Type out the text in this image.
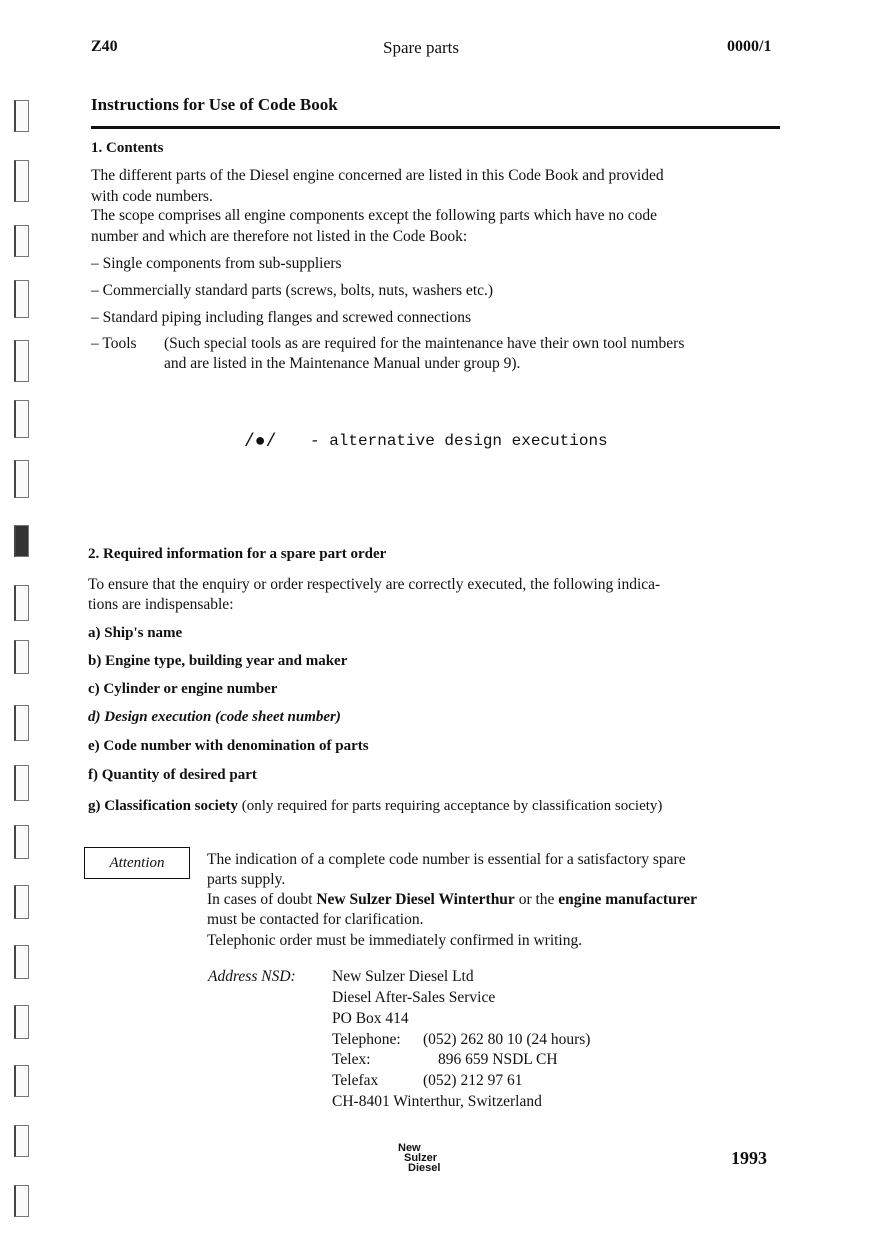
Z40	Spare parts	0000/1
Instructions for Use of Code Book
1. Contents
The different parts of the Diesel engine concerned are listed in this Code Book and provided
with code numbers.
The scope comprises all engine components except the following parts which have no code
number and which are therefore not listed in the Code Book:
– Single components from sub-suppliers
– Commercially standard parts (screws, bolts, nuts, washers etc.)
– Standard piping including flanges and screwed connections
– Tools (Such special tools as are required for the maintenance have their own tool numbers
and are listed in the Maintenance Manual under group 9).
/●/ - alternative design executions
2. Required information for a spare part order
To ensure that the enquiry or order respectively are correctly executed, the following indica-
tions are indispensable:
a) Ship's name
b) Engine type, building year and maker
c) Cylinder or engine number
d) Design execution (code sheet number)
e) Code number with denomination of parts
f) Quantity of desired part
g) Classification society (only required for parts requiring acceptance by classification society)
Attention	The indication of a complete code number is essential for a satisfactory spare
parts supply.
In cases of doubt New Sulzer Diesel Winterthur or the engine manufacturer
must be contacted for clarification.
Telephonic order must be immediately confirmed in writing.
Address NSD: New Sulzer Diesel Ltd
Diesel After-Sales Service
PO Box 414
Telephone: (052) 262 80 10 (24 hours)
Telex:	896 659 NSDL CH
Telefax	(052) 212 97 61
CH-8401 Winterthur, Switzerland
New
Sulzer
Diesel	1993
